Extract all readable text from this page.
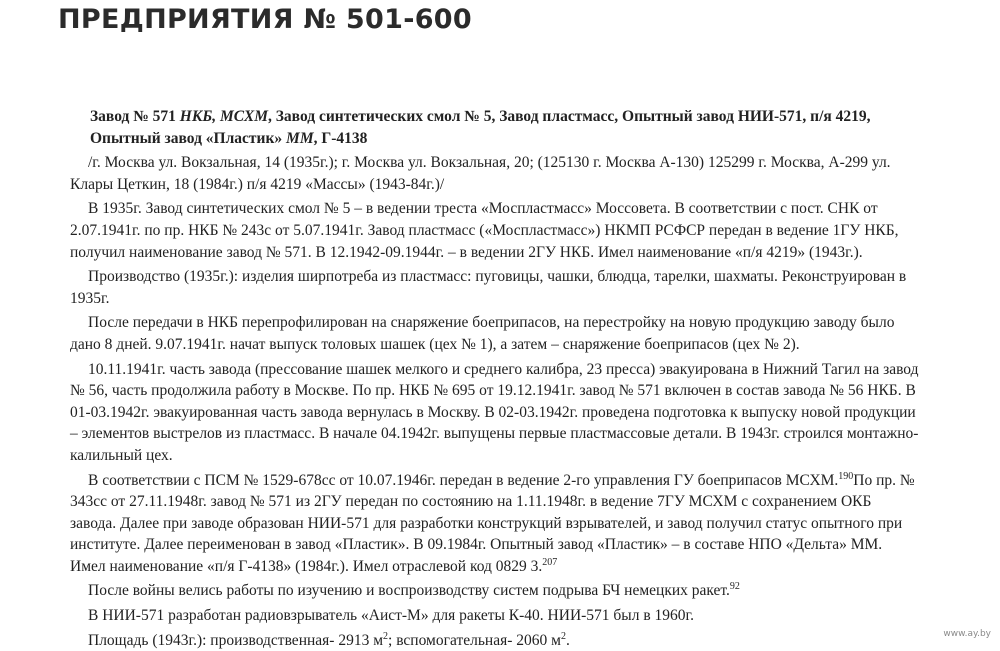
ПРЕДПРИЯТИЯ № 501-600

Завод № 571 НКБ, МСХМ, Завод синтетических смол № 5, Завод пластмасс, Опытный завод НИИ-571, п/я 4219, Опытный завод «Пластик» ММ, Г-4138

/г. Москва ул. Вокзальная, 14 (1935г.); г. Москва ул. Вокзальная, 20; (125130 г. Москва А-130) 125299 г. Москва, А-299 ул. Клары Цеткин, 18 (1984г.) п/я 4219 «Массы» (1943-84г.)/

В 1935г. Завод синтетических смол № 5 – в ведении треста «Моспластмасс» Моссовета. В соответствии с пост. СНК от 2.07.1941г. по пр. НКБ № 243с от 5.07.1941г. Завод пластмасс («Моспластмасс») НКМП РСФСР передан в ведение 1ГУ НКБ, получил наименование завод № 571. В 12.1942-09.1944г. – в ведении 2ГУ НКБ. Имел наименование «п/я 4219» (1943г.).

Производство (1935г.): изделия ширпотреба из пластмасс: пуговицы, чашки, блюдца, тарелки, шахматы. Реконструирован в 1935г.

После передачи в НКБ перепрофилирован на снаряжение боеприпасов, на перестройку на новую продукцию заводу было дано 8 дней. 9.07.1941г. начат выпуск толовых шашек (цех № 1), а затем – снаряжение боеприпасов (цех № 2).

10.11.1941г. часть завода (прессование шашек мелкого и среднего калибра, 23 пресса) эвакуирована в Нижний Тагил на завод № 56, часть продолжила работу в Москве. По пр. НКБ № 695 от 19.12.1941г. завод № 571 включен в состав завода № 56 НКБ. В 01-03.1942г. эвакуированная часть завода вернулась в Москву. В 02-03.1942г. проведена подготовка к выпуску новой продукции – элементов выстрелов из пластмасс. В начале 04.1942г. выпущены первые пластмассовые детали. В 1943г. строился монтажно-калильный цех.

В соответствии с ПСМ № 1529-678сс от 10.07.1946г. передан в ведение 2-го управления ГУ боеприпасов МСХМ.$^{190}$По пр. № 343сс от 27.11.1948г. завод № 571 из 2ГУ передан по состоянию на 1.11.1948г. в ведение 7ГУ МСХМ с сохранением ОКБ завода. Далее при заводе образован НИИ-571 для разработки конструкций взрывателей, и завод получил статус опытного при институте. Далее переименован в завод «Пластик». В 09.1984г. Опытный завод «Пластик» – в составе НПО «Дельта» ММ. Имел наименование «п/я Г-4138» (1984г.). Имел отраслевой код 0829 3.$^{207}$

После войны велись работы по изучению и воспроизводству систем подрыва БЧ немецких ракет.$^{92}$

В НИИ-571 разработан радиовзрыватель «Аист-М» для ракеты К-40. НИИ-571 был в 1960г.

Площадь (1943г.): производственная- 2913 $м^2$; вспомогательная- 2060 $м^2$.	www.ay.by
